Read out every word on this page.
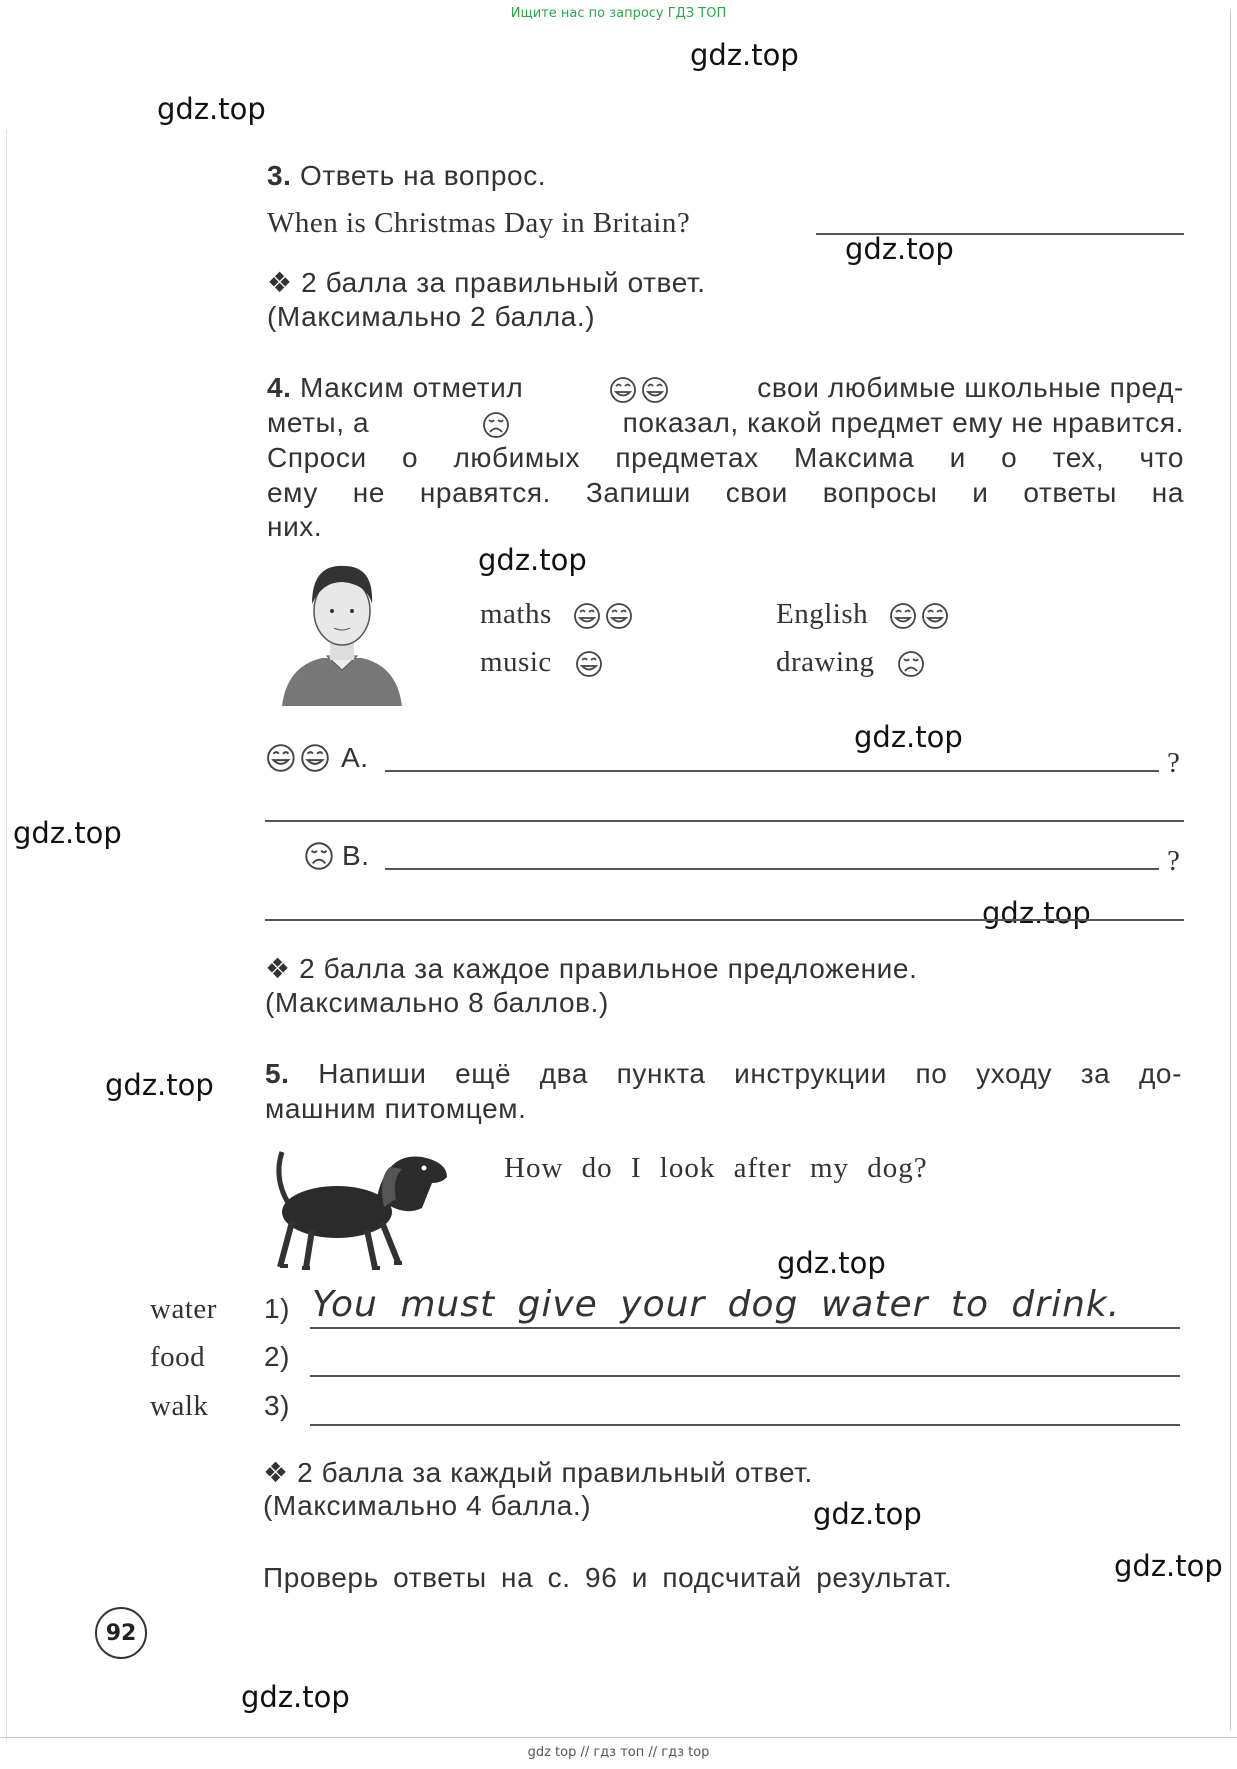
Ищите нас по запросу ГДЗ ТОП
gdz.top
gdz.top
gdz.top
gdz.top
gdz.top
gdz.top
gdz.top
gdz.top
gdz.top
gdz.top
gdz.top
gdz.top
3. Ответь на вопрос.
When is Christmas Day in Britain?
❖ 2 балла за правильный ответ.
(Максимально 2 балла.)
4. Максим отметил	свои любимые школьные пред-
меты, а	показал, какой предмет ему не нравится.
Спроси о любимых предметах Максима и о тех, что
ему не нравятся. Запиши свои вопросы и ответы на
них.
maths	English
music	drawing
A.	?
B.	?
❖ 2 балла за каждое правильное предложение.
(Максимально 8 баллов.)
5. Напиши ещё два пункта инструкции по уходу за до-
машним питомцем.
How do I look after my dog?
water 1) You must give your dog water to drink.
food 2)
walk 3)
❖ 2 балла за каждый правильный ответ.
(Максимально 4 балла.)
Проверь ответы на с. 96 и подсчитай результат.
92
gdz top // гдз топ // гдз top
